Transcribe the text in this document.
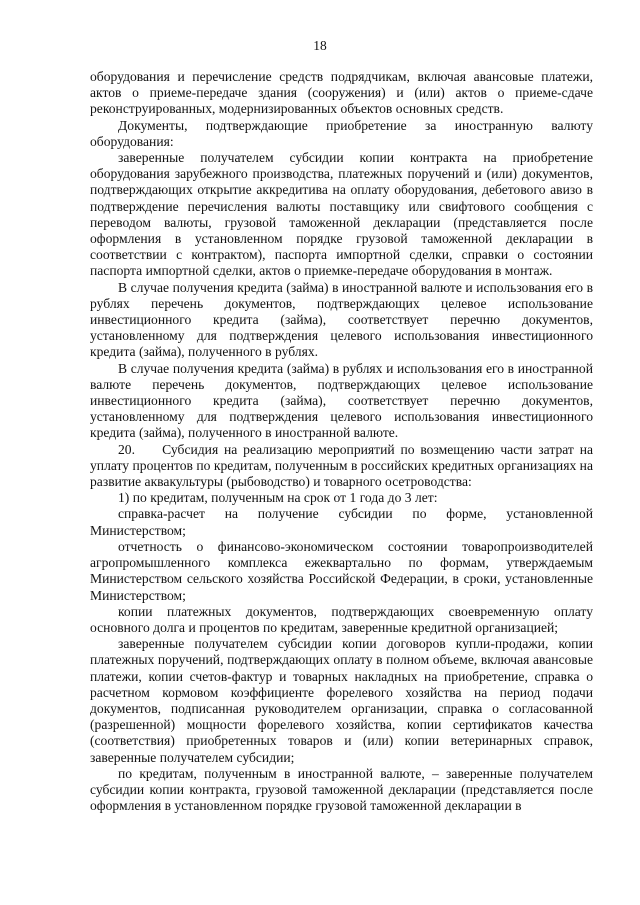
18

оборудования и перечисление средств подрядчикам, включая авансовые платежи, актов о приеме-передаче здания (сооружения) и (или) актов о приеме-сдаче реконструированных, модернизированных объектов основных средств.

Документы, подтверждающие приобретение за иностранную валюту оборудования:

заверенные получателем субсидии копии контракта на приобретение оборудования зарубежного производства, платежных поручений и (или) документов, подтверждающих открытие аккредитива на оплату оборудования, дебетового авизо в подтверждение перечисления валюты поставщику или свифтового сообщения с переводом валюты, грузовой таможенной декларации (представляется после оформления в установленном порядке грузовой таможенной декларации в соответствии с контрактом), паспорта импортной сделки, справки о состоянии паспорта импортной сделки, актов о приемке-передаче оборудования в монтаж.

В случае получения кредита (займа) в иностранной валюте и использования его в рублях перечень документов, подтверждающих целевое использование инвестиционного кредита (займа), соответствует перечню документов, установленному для подтверждения целевого использования инвестиционного кредита (займа), полученного в рублях.

В случае получения кредита (займа) в рублях и использования его в иностранной валюте перечень документов, подтверждающих целевое использование инвестиционного кредита (займа), соответствует перечню документов, установленному для подтверждения целевого использования инвестиционного кредита (займа), полученного в иностранной валюте.

20.  Субсидия на реализацию мероприятий по возмещению части затрат на уплату процентов по кредитам, полученным в российских кредитных организациях на развитие аквакультуры (рыбоводство) и товарного осетроводства:

1) по кредитам, полученным на срок от 1 года до 3 лет:

справка-расчет на получение субсидии по форме, установленной Министерством;

отчетность о финансово-экономическом состоянии товаропроизводителей агропромышленного комплекса ежеквартально по формам, утверждаемым Министерством сельского хозяйства Российской Федерации, в сроки, установленные Министерством;

копии платежных документов, подтверждающих своевременную оплату основного долга и процентов по кредитам, заверенные кредитной организацией;

заверенные получателем субсидии копии договоров купли-продажи, копии платежных поручений, подтверждающих оплату в полном объеме, включая авансовые платежи, копии счетов-фактур и товарных накладных на приобретение, справка о расчетном кормовом коэффициенте форелевого хозяйства на период подачи документов, подписанная руководителем организации, справка о согласованной (разрешенной) мощности форелевого хозяйства, копии сертификатов качества (соответствия) приобретенных товаров и (или) копии ветеринарных справок, заверенные получателем субсидии;

по кредитам, полученным в иностранной валюте, – заверенные получателем субсидии копии контракта, грузовой таможенной декларации (представляется после оформления в установленном порядке грузовой таможенной декларации в
